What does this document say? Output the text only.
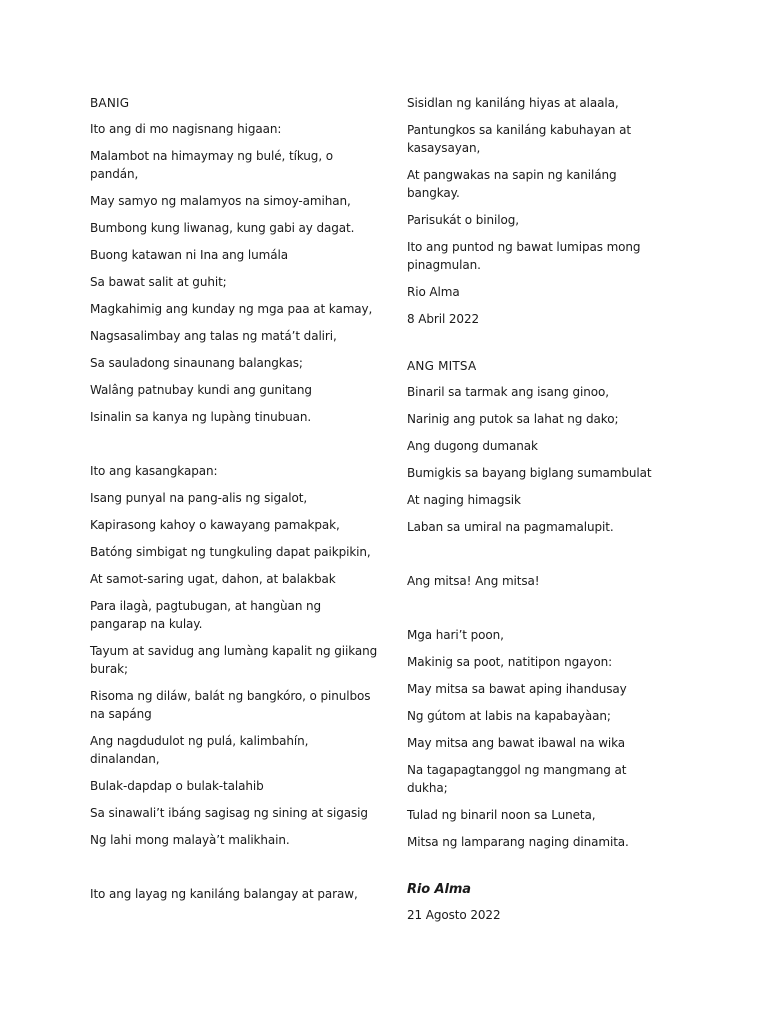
BANIG
Ito ang di mo nagisnang higaan:
Malambot na himaymay ng bulé, tíkug, o pandán,
May samyo ng malamyos na simoy-amihan,
Bumbong kung liwanag, kung gabi ay dagat.
Buong katawan ni Ina ang lumála
Sa bawat salit at guhit;
Magkahimig ang kunday ng mga paa at kamay,
Nagsasalimbay ang talas ng matá’t daliri,
Sa sauladong sinaunang balangkas;
Walâng patnubay kundi ang gunitang
Isinalin sa kanya ng lupàng tinubuan.
Ito ang kasangkapan:
Isang punyal na pang-alis ng sigalot,
Kapirasong kahoy o kawayang pamakpak,
Batóng simbigat ng tungkuling dapat paikpikin,
At samot-saring ugat, dahon, at balakbak
Para ilagà, pagtubugan, at hangùan ng pangarap na kulay.
Tayum at savidug ang lumàng kapalit ng giikang burak;
Risoma ng diláw, balát ng bangkóro, o pinulbos na sapáng
Ang nagdudulot ng pulá, kalimbahín, dinalandan,
Bulak-dapdap o bulak-talahib
Sa sinawali’t ibáng sagisag ng sining at sigasig
Ng lahi mong malayà’t malikhain.
Ito ang layag ng kaniláng balangay at paraw,
Sisidlan ng kaniláng hiyas at alaala,
Pantungkos sa kaniláng kabuhayan at kasaysayan,
At pangwakas na sapin ng kaniláng bangkay.
Parisukát o binilog,
Ito ang puntod ng bawat lumipas mong pinagmulan.
Rio Alma
8 Abril 2022
ANG MITSA
Binaril sa tarmak ang isang ginoo,
Narinig ang putok sa lahat ng dako;
Ang dugong dumanak
Bumigkis sa bayang biglang sumambulat
At naging himagsik
Laban sa umiral na pagmamalupit.
Ang mitsa! Ang mitsa!
Mga hari’t poon,
Makinig sa poot, natitipon ngayon:
May mitsa sa bawat aping ihandusay
Ng gútom at labis na kapabayàan;
May mitsa ang bawat ibawal na wika
Na tagapagtanggol ng mangmang at dukha;
Tulad ng binaril noon sa Luneta,
Mitsa ng lamparang naging dinamita.
Rio Alma
21 Agosto 2022
